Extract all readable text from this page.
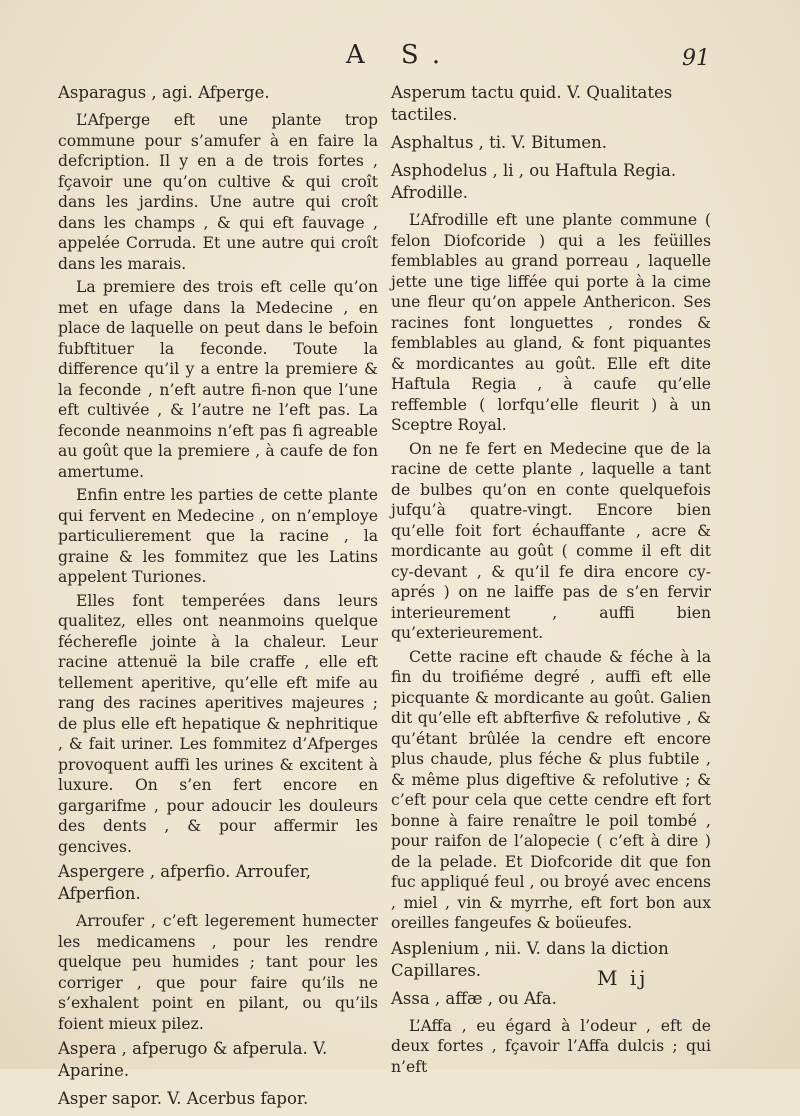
A S.	91
Asparagus , agi. Afperge.
L’Afperge eft une plante trop commune pour s’amufer à en faire la defcription. Il y en a de trois fortes , fçavoir une qu’on cultive & qui croît dans les jardins. Une autre qui croît dans les champs , & qui eft fauvage , appelée Corruda. Et une autre qui croît dans les marais.
La premiere des trois eft celle qu’on met en ufage dans la Medecine , en place de laquelle on peut dans le befoin fubftituer la feconde. Toute la difference qu’il y a entre la premiere & la feconde , n’eft autre fi-non que l’une eft cultivée , & l’autre ne l’eft pas. La feconde neanmoins n’eft pas fi agreable au goût que la premiere , à caufe de fon amertume.
Enfin entre les parties de cette plante qui fervent en Medecine , on n’employe particulierement que la racine , la graine & les fommitez que les Latins appelent Turiones.
Elles font temperées dans leurs qualitez, elles ont neanmoins quelque fécherefle jointe à la chaleur. Leur racine attenuë la bile craffe , elle eft tellement aperitive, qu’elle eft mife au rang des racines aperitives majeures ; de plus elle eft hepatique & nephritique , & fait uriner. Les fommitez d’Afperges provoquent auffi les urines & excitent à luxure. On s’en fert encore en gargarifme , pour adoucir les douleurs des dents , & pour affermir les gencives.
Aspergere , afperfio. Arroufer, Afperfion.
Arroufer , c’eft legerement humecter les medicamens , pour les rendre quelque peu humides ; tant pour les corriger , que pour faire qu’ils ne s’exhalent point en pilant, ou qu’ils foient mieux pilez.
Aspera , afperugo & afperula. V. Aparine.
Asper sapor. V. Acerbus fapor.
Asperum tactu quid. V. Qualitates tactiles.
Asphaltus , ti. V. Bitumen.
Asphodelus , li , ou Haftula Regia. Afrodille.
L’Afrodille eft une plante commune ( felon Diofcoride ) qui a les feüilles femblables au grand porreau , laquelle jette une tige liffée qui porte à la cime une fleur qu’on appele Anthericon. Ses racines font longuettes , rondes & femblables au gland, & font piquantes & mordicantes au goût. Elle eft dite Haftula Regia , à caufe qu’elle reffemble ( lorfqu’elle fleurit ) à un Sceptre Royal.
On ne fe fert en Medecine que de la racine de cette plante , laquelle a tant de bulbes qu’on en conte quelquefois jufqu’à quatre-vingt. Encore bien qu’elle foit fort échauffante , acre & mordicante au goût ( comme il eft dit cy-devant , & qu’il fe dira encore cy-aprés ) on ne laiffe pas de s’en fervir interieurement , auffi bien qu’exterieurement.
Cette racine eft chaude & féche à la fin du troifiéme degré , auffi eft elle picquante & mordicante au goût. Galien dit qu’elle eft abfterfive & refolutive , & qu’étant brûlée la cendre eft encore plus chaude, plus féche & plus fubtile , & même plus digeftive & refolutive ; & c’eft pour cela que cette cendre eft fort bonne à faire renaître le poil tombé , pour raifon de l’alopecie ( c’eft à dire ) de la pelade. Et Diofcoride dit que fon fuc appliqué feul , ou broyé avec encens , miel , vin & myrrhe, eft fort bon aux oreilles fangeufes & boüeufes.
Asplenium , nii. V. dans la diction Capillares.
Assa , affæ , ou Afa.
L’Affa , eu égard à l’odeur , eft de deux fortes , fçavoir l’Affa dulcis ; qui n’eft
M ij
